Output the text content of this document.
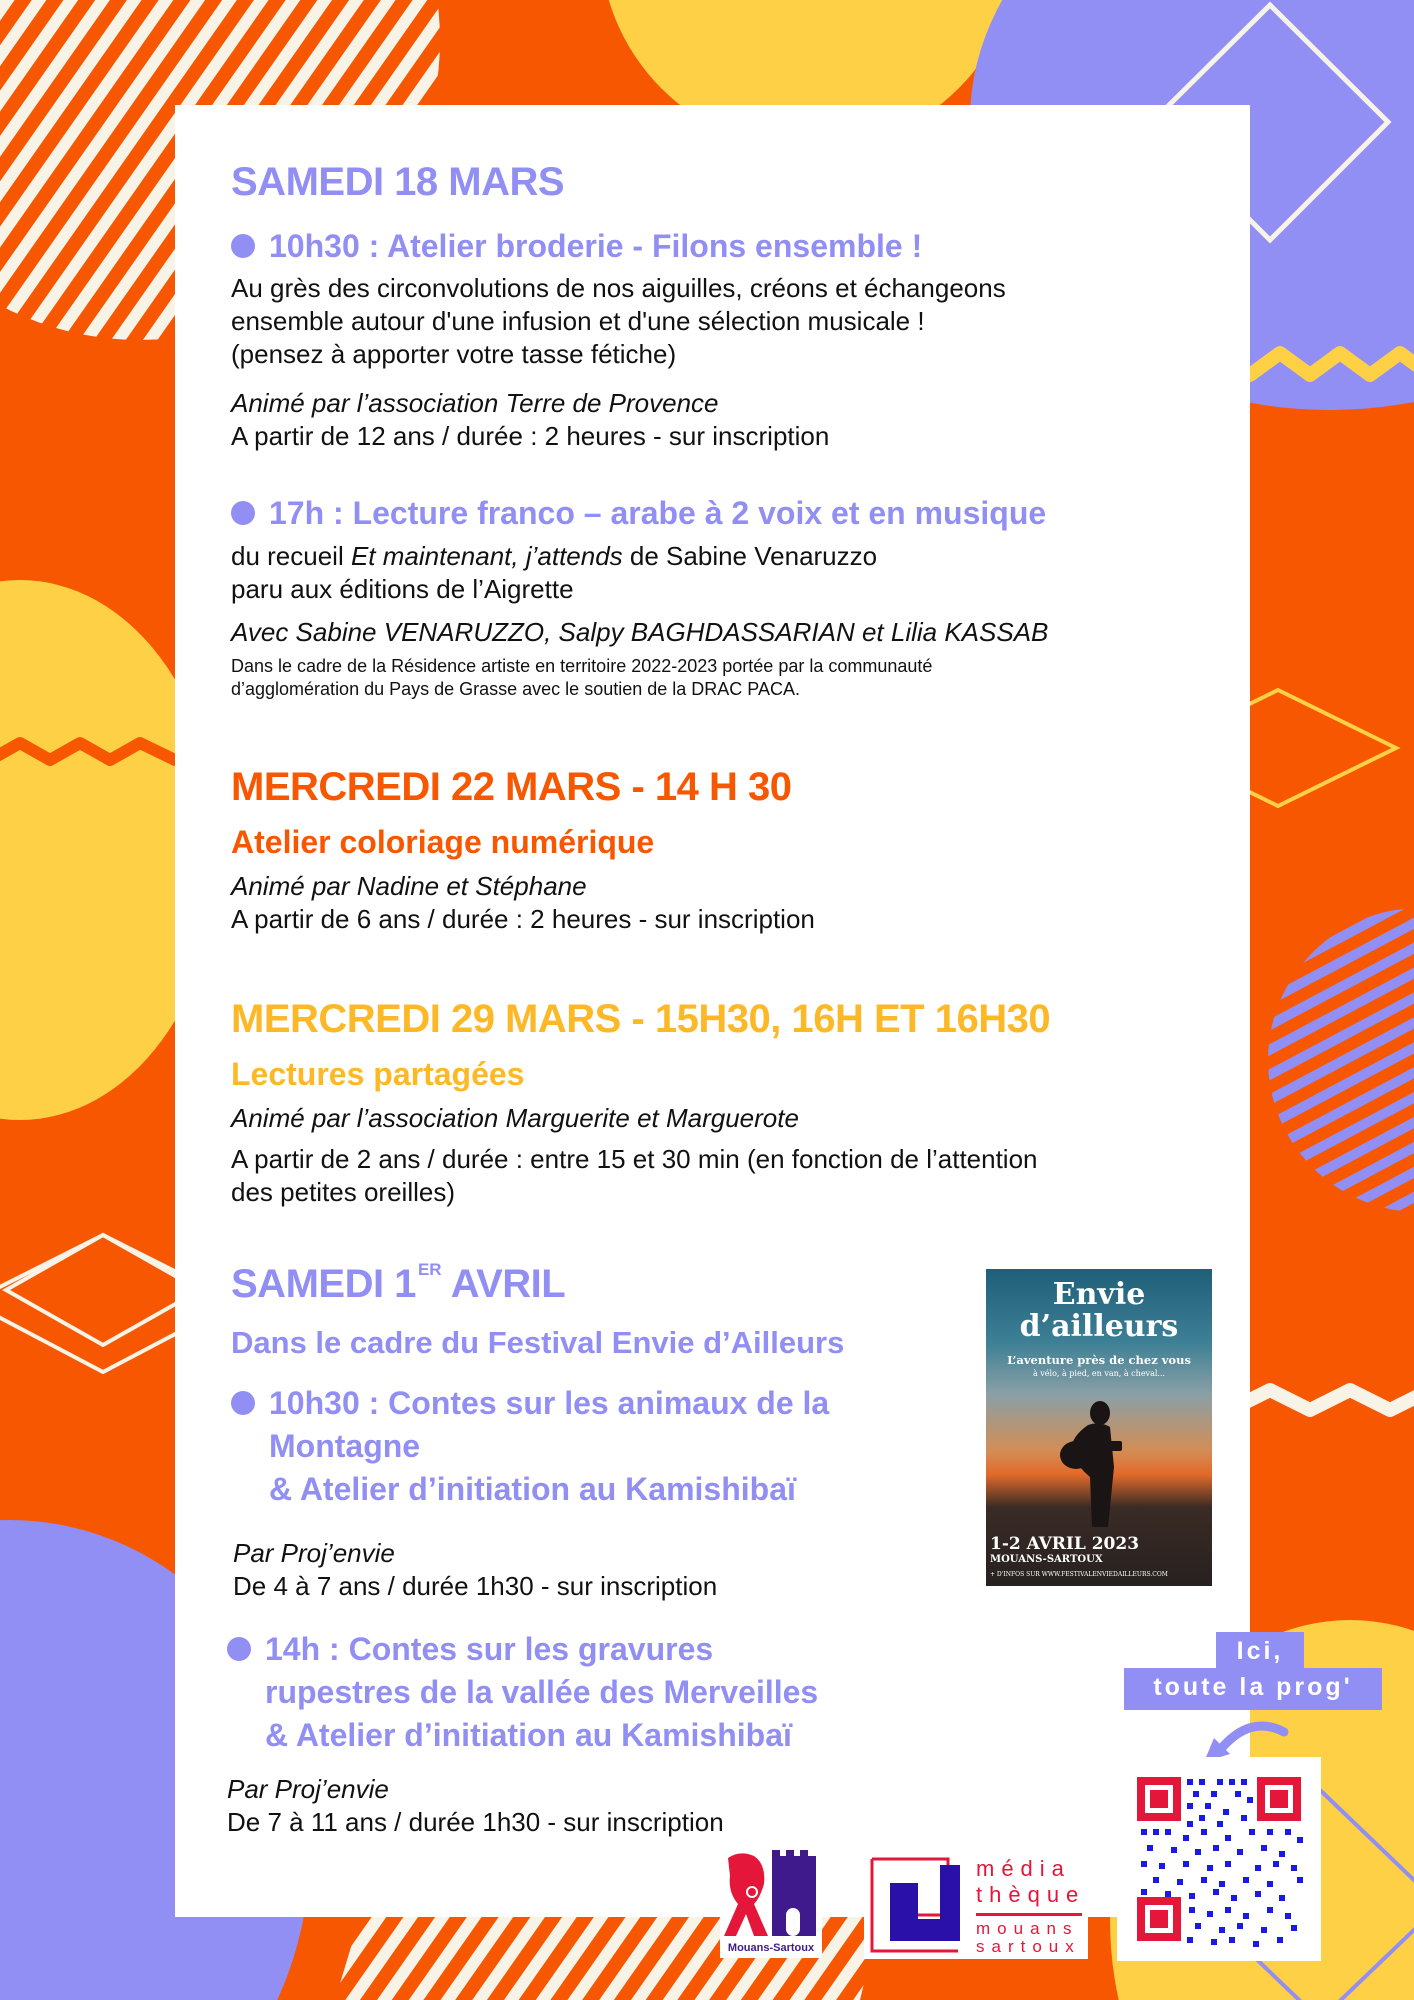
SAMEDI 18 MARS
10h30 : Atelier broderie - Filons ensemble !
Au grès des circonvolutions de nos aiguilles, créons et échangeons
ensemble autour d'une infusion et d'une sélection musicale !
(pensez à apporter votre tasse fétiche)
Animé par l’association Terre de Provence
A partir de 12 ans / durée : 2 heures - sur inscription
17h : Lecture franco – arabe à 2 voix et en musique
du recueil Et maintenant, j’attends de Sabine Venaruzzo
paru aux éditions de l’Aigrette
Avec Sabine VENARUZZO, Salpy BAGHDASSARIAN et Lilia KASSAB
Dans le cadre de la Résidence artiste en territoire 2022-2023 portée par la communauté
d’agglomération du Pays de Grasse avec le soutien de la DRAC PACA.
MERCREDI 22 MARS - 14 H 30
Atelier coloriage numérique
Animé par Nadine et Stéphane
A partir de 6 ans / durée : 2 heures - sur inscription
MERCREDI 29 MARS - 15H30, 16H ET 16H30
Lectures partagées
Animé par l’association Marguerite et Marguerote
A partir de 2 ans / durée : entre 15 et 30 min (en fonction de l’attention
des petites oreilles)
SAMEDI 1 $^{ER}$ AVRIL
Dans le cadre du Festival Envie d’Ailleurs
10h30 : Contes sur les animaux de la
Montagne
& Atelier d’initiation au Kamishibaï
Par Proj’envie
De 4 à 7 ans / durée 1h30 - sur inscription
14h : Contes sur les gravures
rupestres de la vallée des Merveilles
& Atelier d’initiation au Kamishibaï
Par Proj’envie
De 7 à 11 ans / durée 1h30 - sur inscription
Envie
d’ailleurs
L’aventure près de chez vous
à vélo, à pied, en van, à cheval...
1-2 AVRIL 2023
MOUANS-SARTOUX
+ D'INFOS SUR WWW.FESTIVALENVIEDAILLEURS.COM
Ici,
toute la prog'
Mouans-Sartoux
média
thèque
mouans
sartoux
